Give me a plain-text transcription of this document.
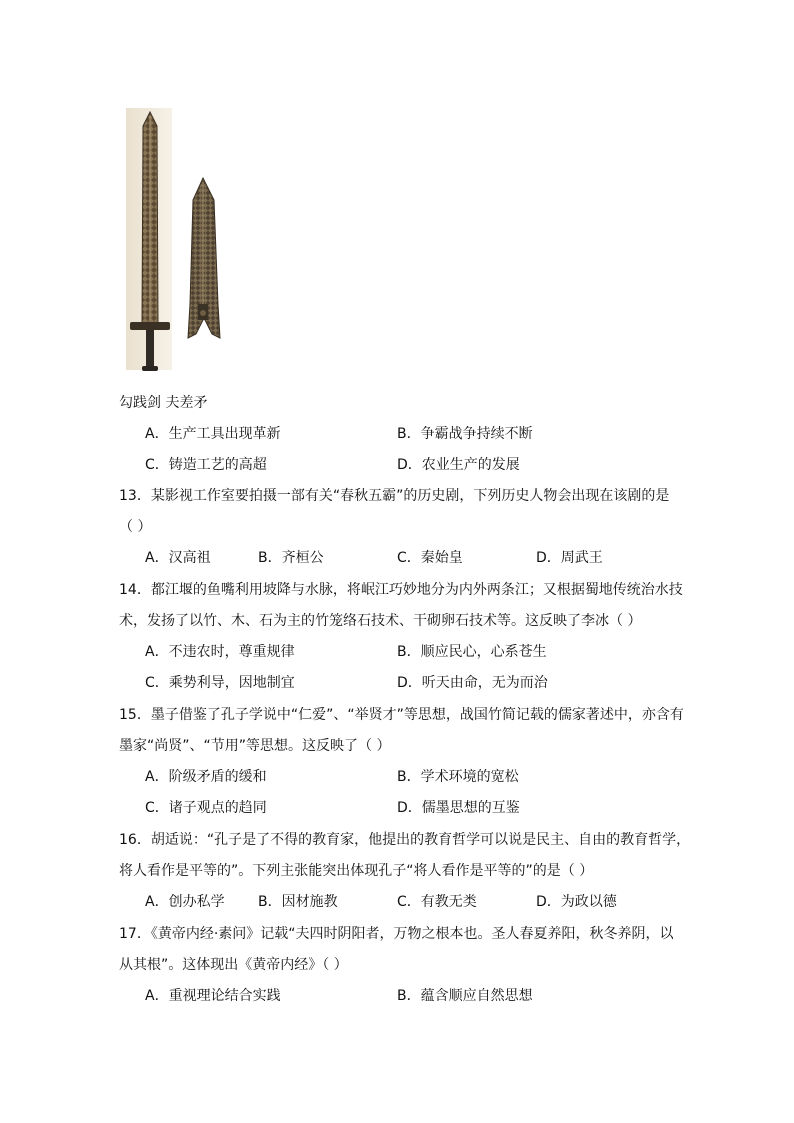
勾践剑 夫差矛
A．生产工具出现革新	B．争霸战争持续不断
C．铸造工艺的高超	D．农业生产的发展
13．某影视工作室要拍摄一部有关“春秋五霸”的历史剧，下列历史人物会出现在该剧的是
（ ）
A．汉高祖	B．齐桓公	C．秦始皇	D．周武王
14．都江堰的鱼嘴利用坡降与水脉，将岷江巧妙地分为内外两条江；又根据蜀地传统治水技
术，发扬了以竹、木、石为主的竹笼络石技术、干砌卵石技术等。这反映了李冰（ ）
A．不违农时，尊重规律	B．顺应民心，心系苍生
C．乘势利导，因地制宜	D．听天由命，无为而治
15．墨子借鉴了孔子学说中“仁爱”、“举贤才”等思想，战国竹简记载的儒家著述中，亦含有
墨家“尚贤”、“节用”等思想。这反映了（ ）
A．阶级矛盾的缓和	B．学术环境的宽松
C．诸子观点的趋同	D．儒墨思想的互鉴
16．胡适说：“孔子是了不得的教育家，他提出的教育哲学可以说是民主、自由的教育哲学，
将人看作是平等的”。下列主张能突出体现孔子“将人看作是平等的”的是（ ）
A．创办私学 B．因材施教	C．有教无类	D．为政以德
17．《黄帝内经·素问》记载“夫四时阴阳者，万物之根本也。圣人春夏养阳，秋冬养阴，以
从其根”。这体现出《黄帝内经》（ ）
A．重视理论结合实践	B．蕴含顺应自然思想
